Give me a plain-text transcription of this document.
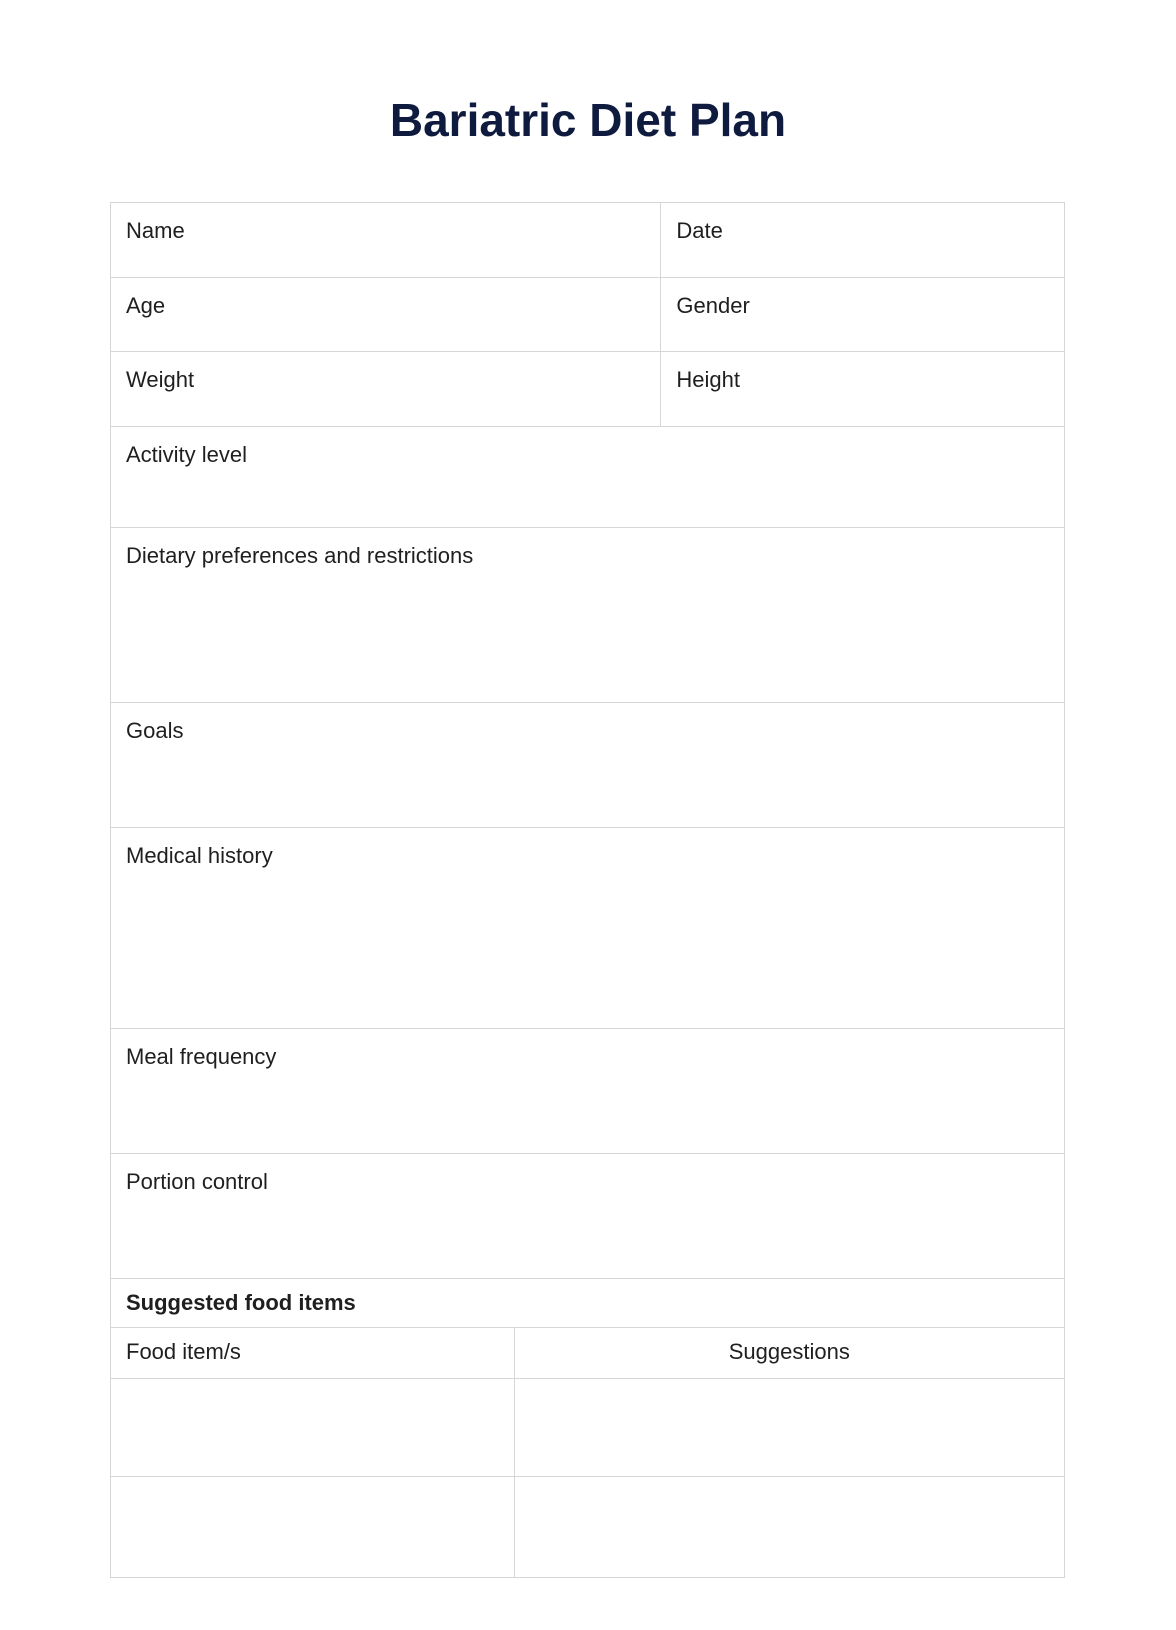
Bariatric Diet Plan
Name	Date
Age	Gender
Weight	Height
Activity level
Dietary preferences and restrictions
Goals
Medical history
Meal frequency
Portion control
Suggested food items
Food item/s	Suggestions
